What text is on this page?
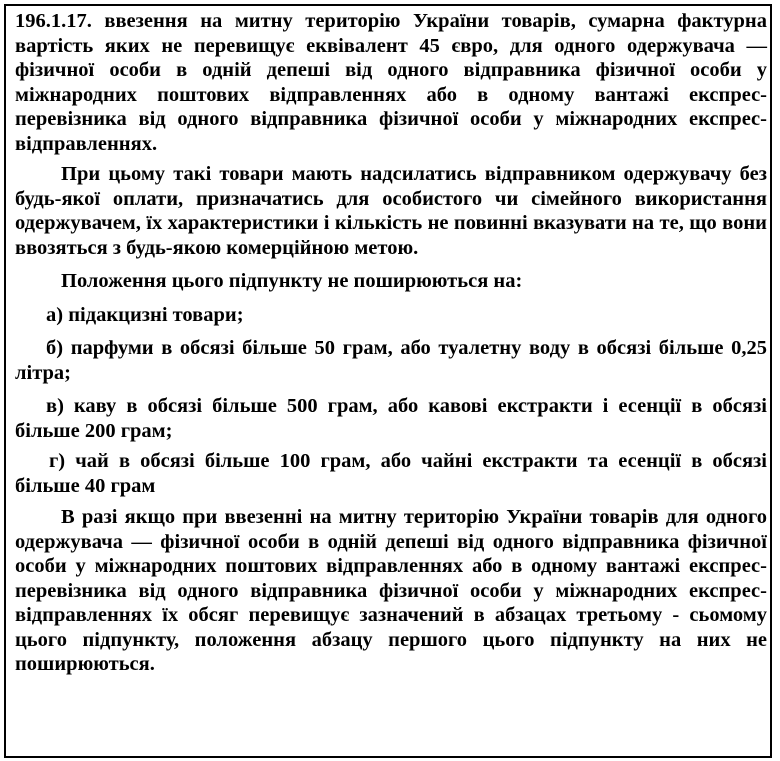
196.1.17. ввезення на митну територію України товарів, сумарна фактурна вартість яких не перевищує еквівалент 45 євро, для одного одержувача — фізичної особи в одній депеші від одного відправника фізичної особи у міжнародних поштових відправленнях або в одному вантажі експрес-перевізника від одного відправника фізичної особи у міжнародних експрес-відправленнях.

При цьому такі товари мають надсилатись відправником одержувачу без будь-якої оплати, призначатись для особистого чи сімейного використання одержувачем, їх характеристики і кількість не повинні вказувати на те, що вони ввозяться з будь-якою комерційною метою.

Положення цього підпункту не поширюються на:

а) підакцизні товари;

б) парфуми в обсязі більше 50 грам, або туалетну воду в обсязі більше 0,25 літра;

в) каву в обсязі більше 500 грам, або кавові екстракти і есенції в обсязі більше 200 грам;

г) чай в обсязі більше 100 грам, або чайні екстракти та есенції в обсязі більше 40 грам

В разі якщо при ввезенні на митну територію України товарів для одного одержувача — фізичної особи в одній депеші від одного відправника фізичної особи у міжнародних поштових відправленнях або в одному вантажі експрес-перевізника від одного відправника фізичної особи у міжнародних експрес-відправленнях їх обсяг перевищує зазначений в абзацах третьому - сьомому цього підпункту, положення абзацу першого цього підпункту на них не поширюються.
